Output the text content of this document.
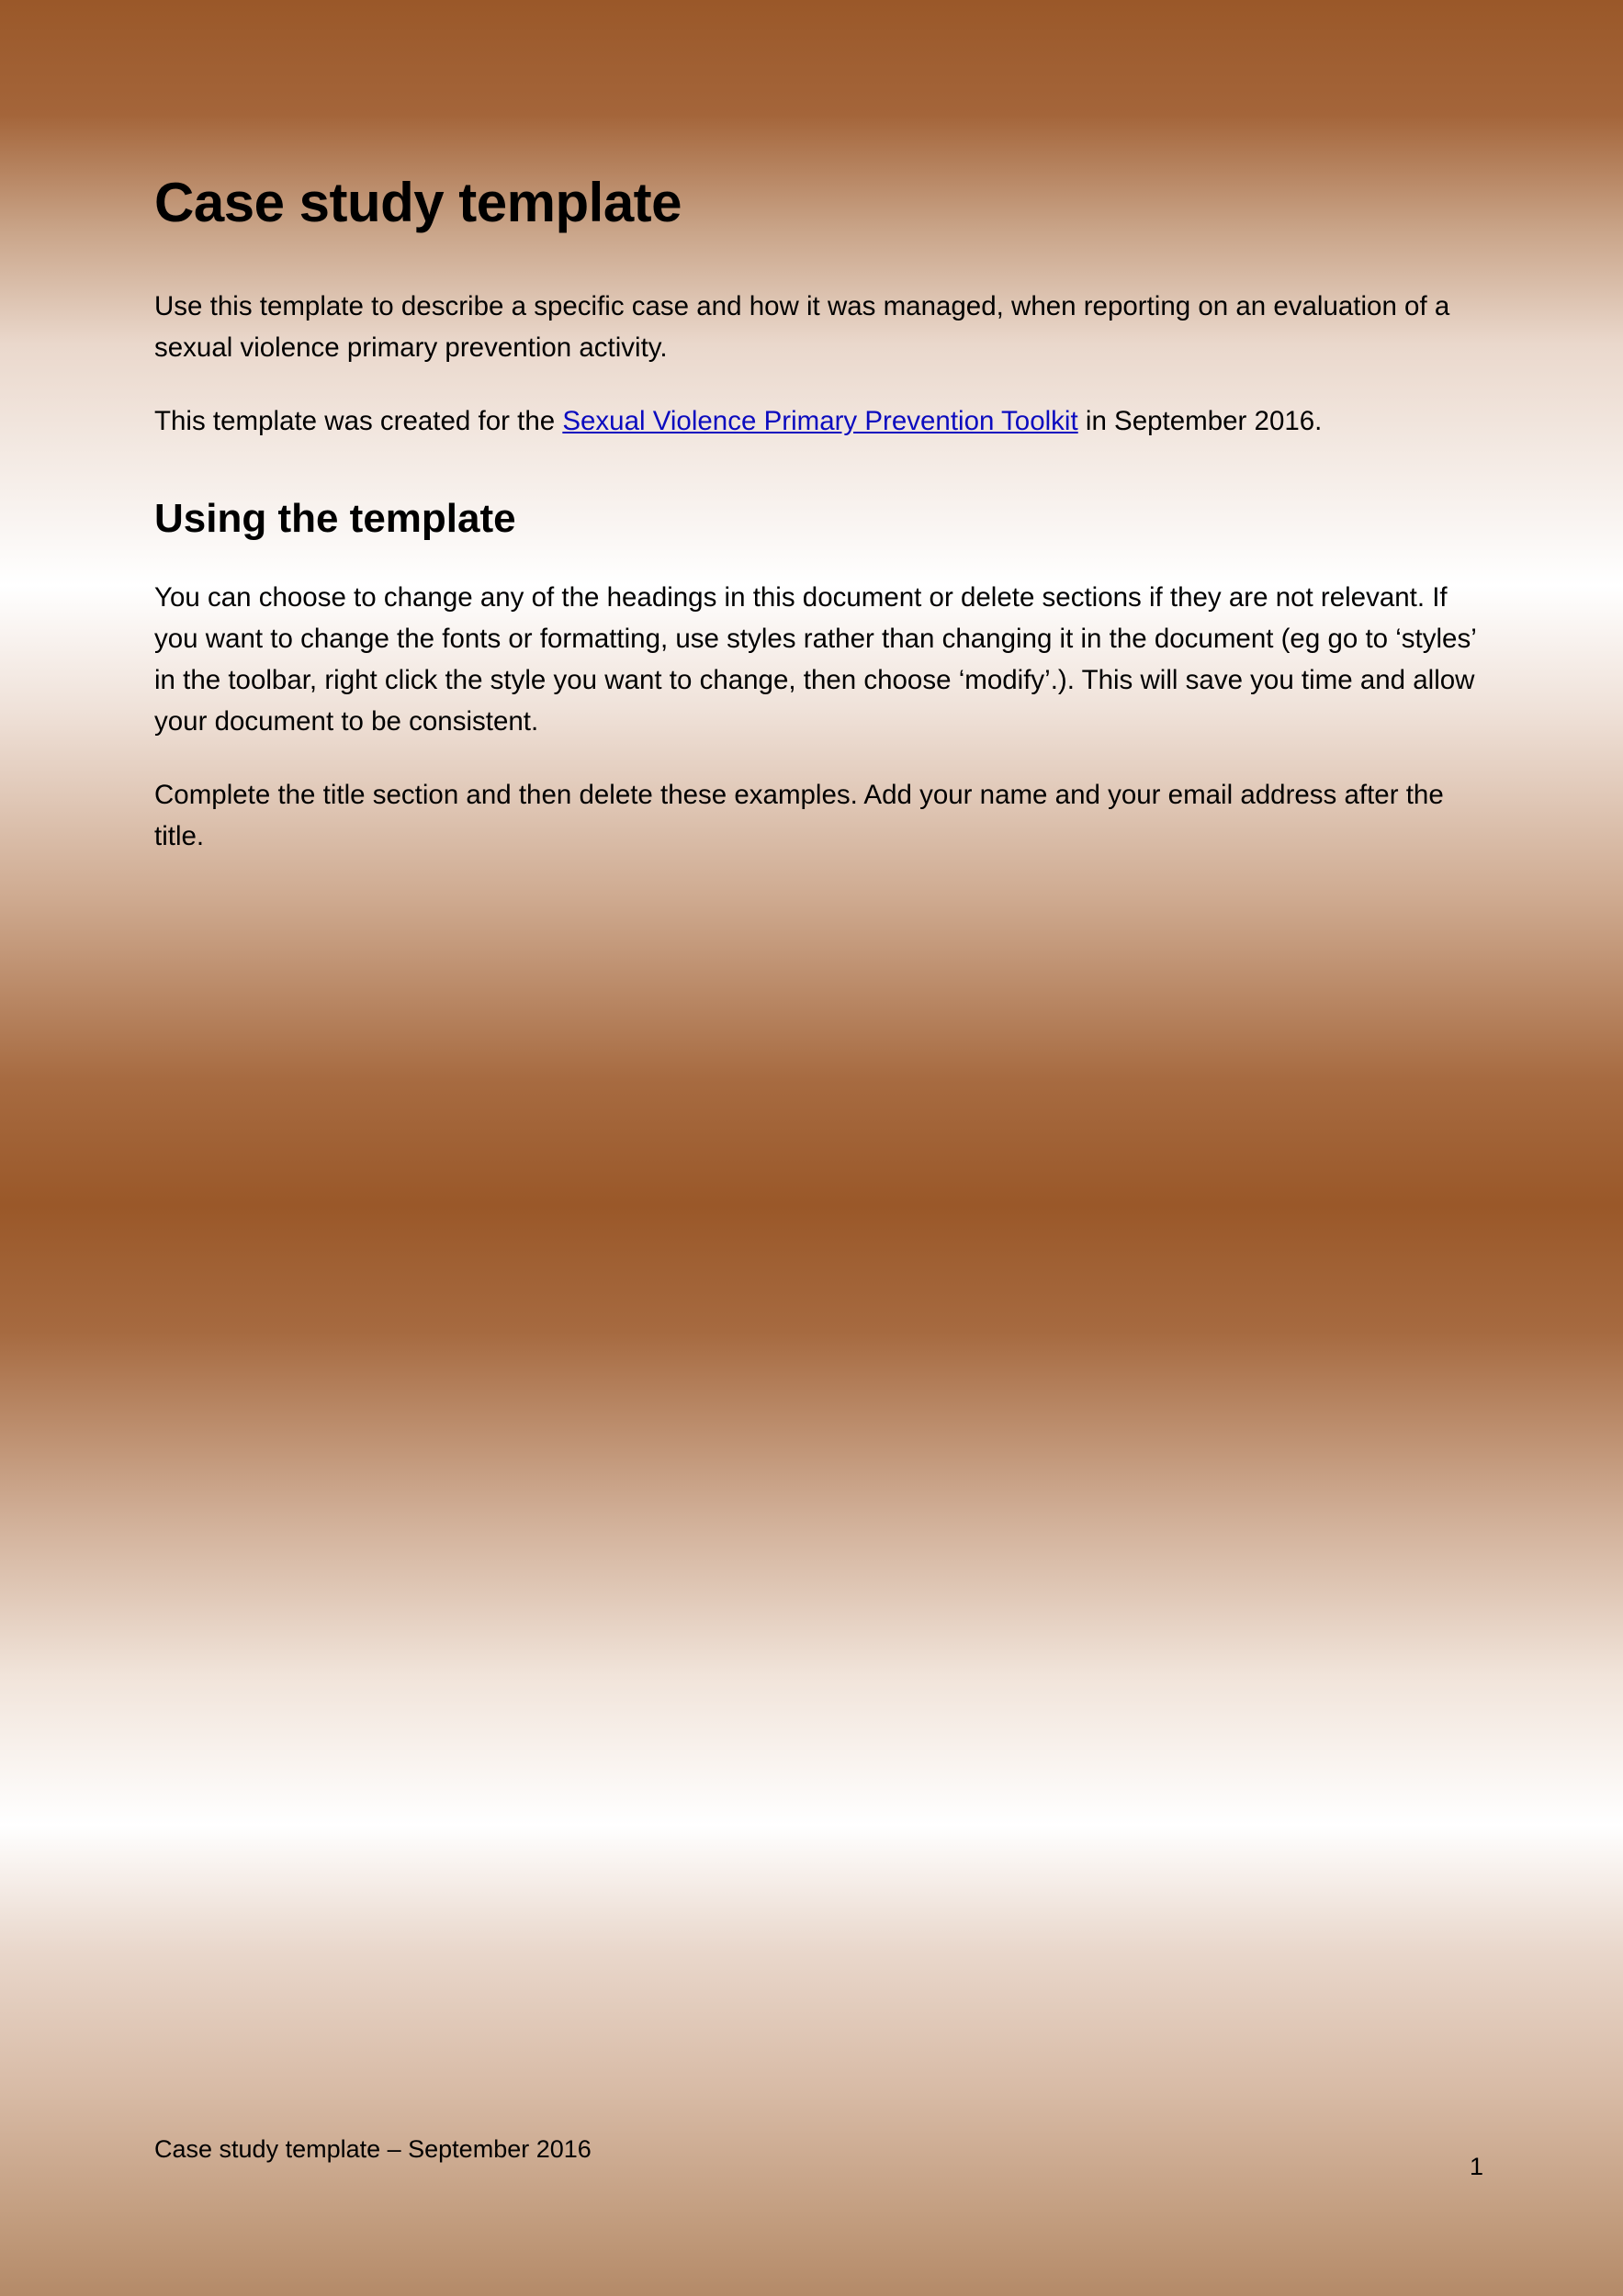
Case study template

Use this template to describe a specific case and how it was managed, when reporting on an evaluation of a sexual violence primary prevention activity.

This template was created for the Sexual Violence Primary Prevention Toolkit in September 2016.

Using the template

You can choose to change any of the headings in this document or delete sections if they are not relevant. If you want to change the fonts or formatting, use styles rather than changing it in the document (eg go to ‘styles’ in the toolbar, right click the style you want to change, then choose ‘modify’.). This will save you time and allow your document to be consistent.

Complete the title section and then delete these examples. Add your name and your email address after the title.

Case study template – September 2016
1
